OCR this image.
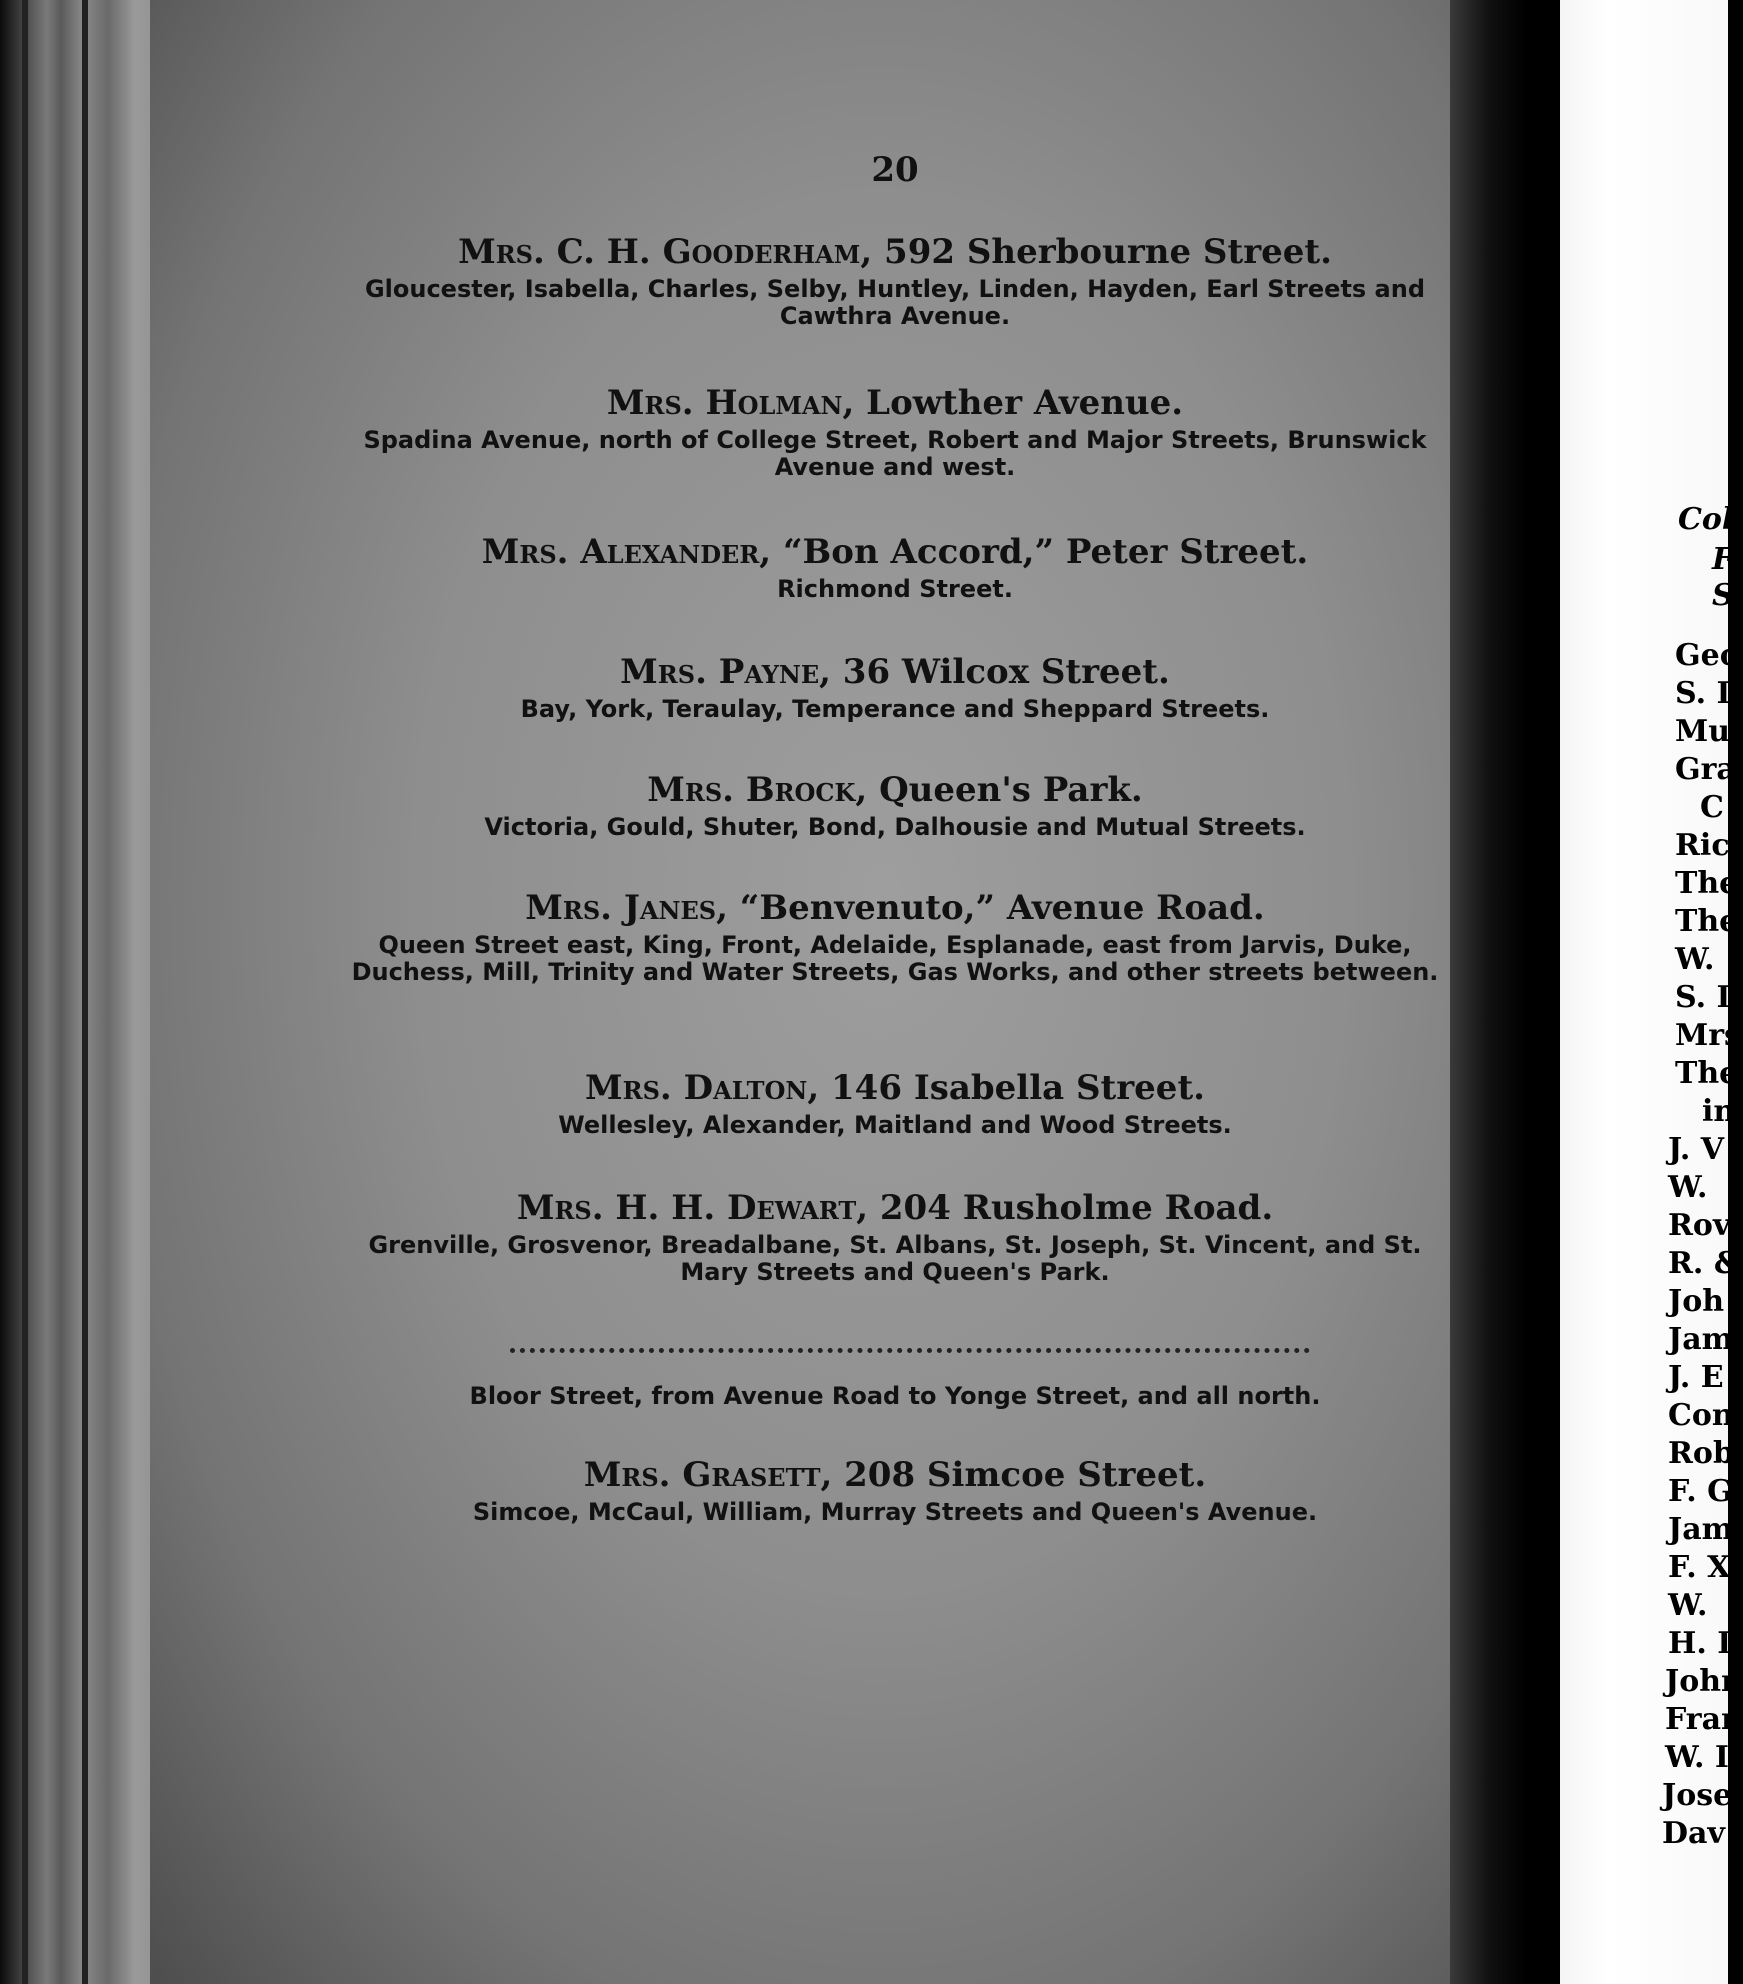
20
Mrs. C. H. Gooderham, 592 Sherbourne Street.
Gloucester, Isabella, Charles, Selby, Huntley, Linden, Hayden, Earl Streets and Cawthra Avenue.
Mrs. Holman, Lowther Avenue.
Spadina Avenue, north of College Street, Robert and Major Streets, Brunswick Avenue and west.
Mrs. Alexander, “Bon Accord,” Peter Street.
Richmond Street.
Mrs. Payne, 36 Wilcox Street.
Bay, York, Teraulay, Temperance and Sheppard Streets.
Mrs. Brock, Queen's Park.
Victoria, Gould, Shuter, Bond, Dalhousie and Mutual Streets.
Mrs. Janes, “Benvenuto,” Avenue Road.
Queen Street east, King, Front, Adelaide, Esplanade, east from Jarvis, Duke, Duchess, Mill, Trinity and Water Streets, Gas Works, and other streets between.
Mrs. Dalton, 146 Isabella Street.
Wellesley, Alexander, Maitland and Wood Streets.
Mrs. H. H. Dewart, 204 Rusholme Road.
Grenville, Grosvenor, Breadalbane, St. Albans, St. Joseph, St. Vincent, and St. Mary Streets and Queen's Park.
Bloor Street, from Avenue Road to Yonge Street, and all north.
Mrs. Grasett, 208 Simcoe Street.
Simcoe, McCaul, William, Murray Streets and Queen's Avenue.
Col
F
S
Geo
S. I
Mu
Gra
C
Ric
The
The
W.
S. I
Mrs
The
in
J. V
W.
Rov
R. &
Joh
Jam
J. E
Con
Rob
F. G
Jam
F. X
W.
H. I
John
Fran
W. I
Jose
Dav
